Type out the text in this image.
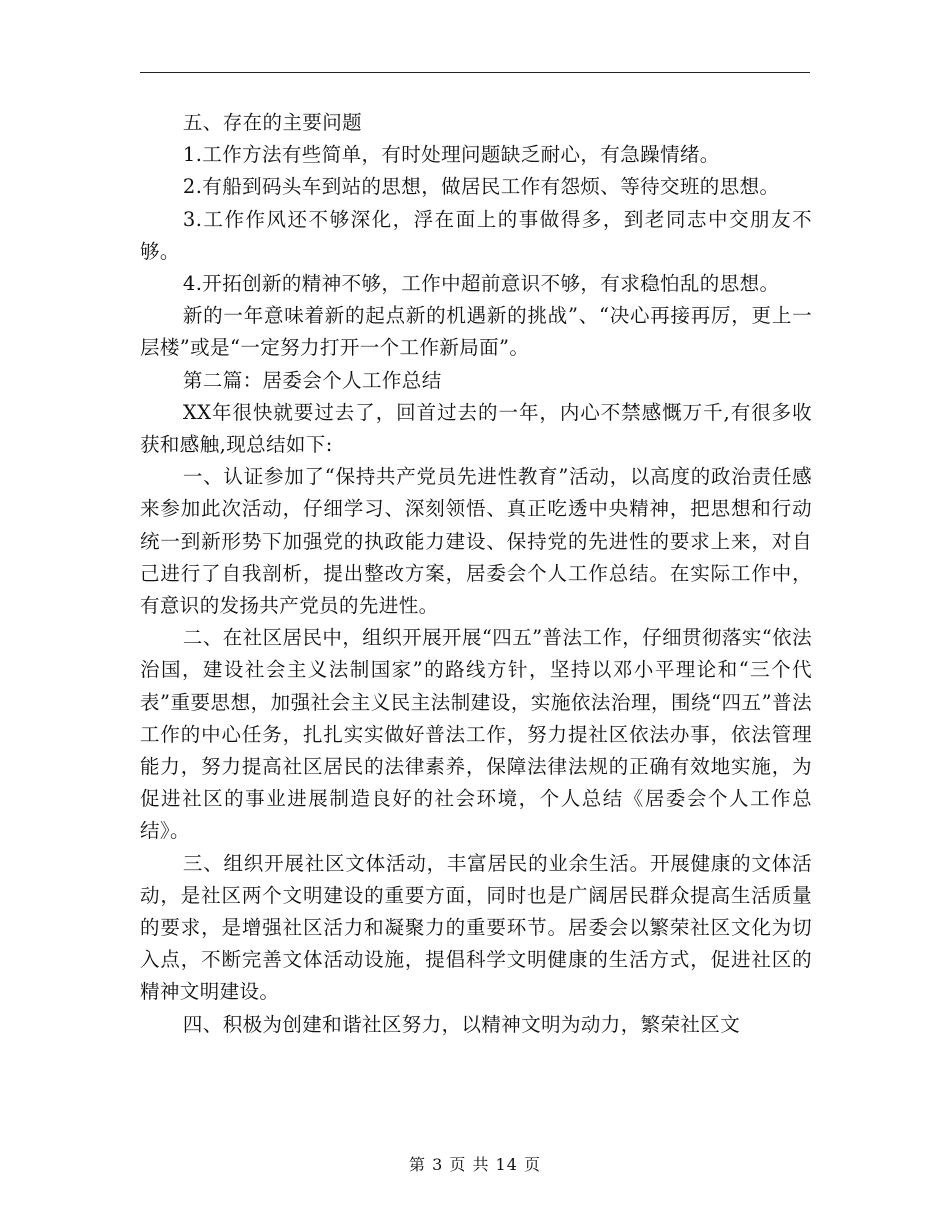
五、存在的主要问题

1.工作方法有些简单，有时处理问题缺乏耐心，有急躁情绪。

2.有船到码头车到站的思想，做居民工作有怨烦、等待交班的思想。

3.工作作风还不够深化，浮在面上的事做得多，到老同志中交朋友不够。

4.开拓创新的精神不够，工作中超前意识不够，有求稳怕乱的思想。

新的一年意味着新的起点新的机遇新的挑战”、“决心再接再厉，更上一层楼”或是“一定努力打开一个工作新局面”。

第二篇：居委会个人工作总结

XX年很快就要过去了，回首过去的一年，内心不禁感慨万千,有很多收获和感触,现总结如下:

一、认证参加了“保持共产党员先进性教育”活动，以高度的政治责任感来参加此次活动，仔细学习、深刻领悟、真正吃透中央精神，把思想和行动统一到新形势下加强党的执政能力建设、保持党的先进性的要求上来，对自己进行了自我剖析，提出整改方案，居委会个人工作总结。在实际工作中，有意识的发扬共产党员的先进性。

二、在社区居民中，组织开展开展“四五”普法工作，仔细贯彻落实“依法治国，建设社会主义法制国家”的路线方针，坚持以邓小平理论和“三个代表”重要思想，加强社会主义民主法制建设，实施依法治理，围绕“四五”普法工作的中心任务，扎扎实实做好普法工作，努力提社区依法办事，依法管理能力，努力提高社区居民的法律素养，保障法律法规的正确有效地实施，为促进社区的事业进展制造良好的社会环境，个人总结《居委会个人工作总结》。

三、组织开展社区文体活动，丰富居民的业余生活。开展健康的文体活动，是社区两个文明建设的重要方面，同时也是广阔居民群众提高生活质量的要求，是增强社区活力和凝聚力的重要环节。居委会以繁荣社区文化为切入点，不断完善文体活动设施，提倡科学文明健康的生活方式，促进社区的精神文明建设。

四、积极为创建和谐社区努力，以精神文明为动力，繁荣社区文

第 3 页 共 14 页
